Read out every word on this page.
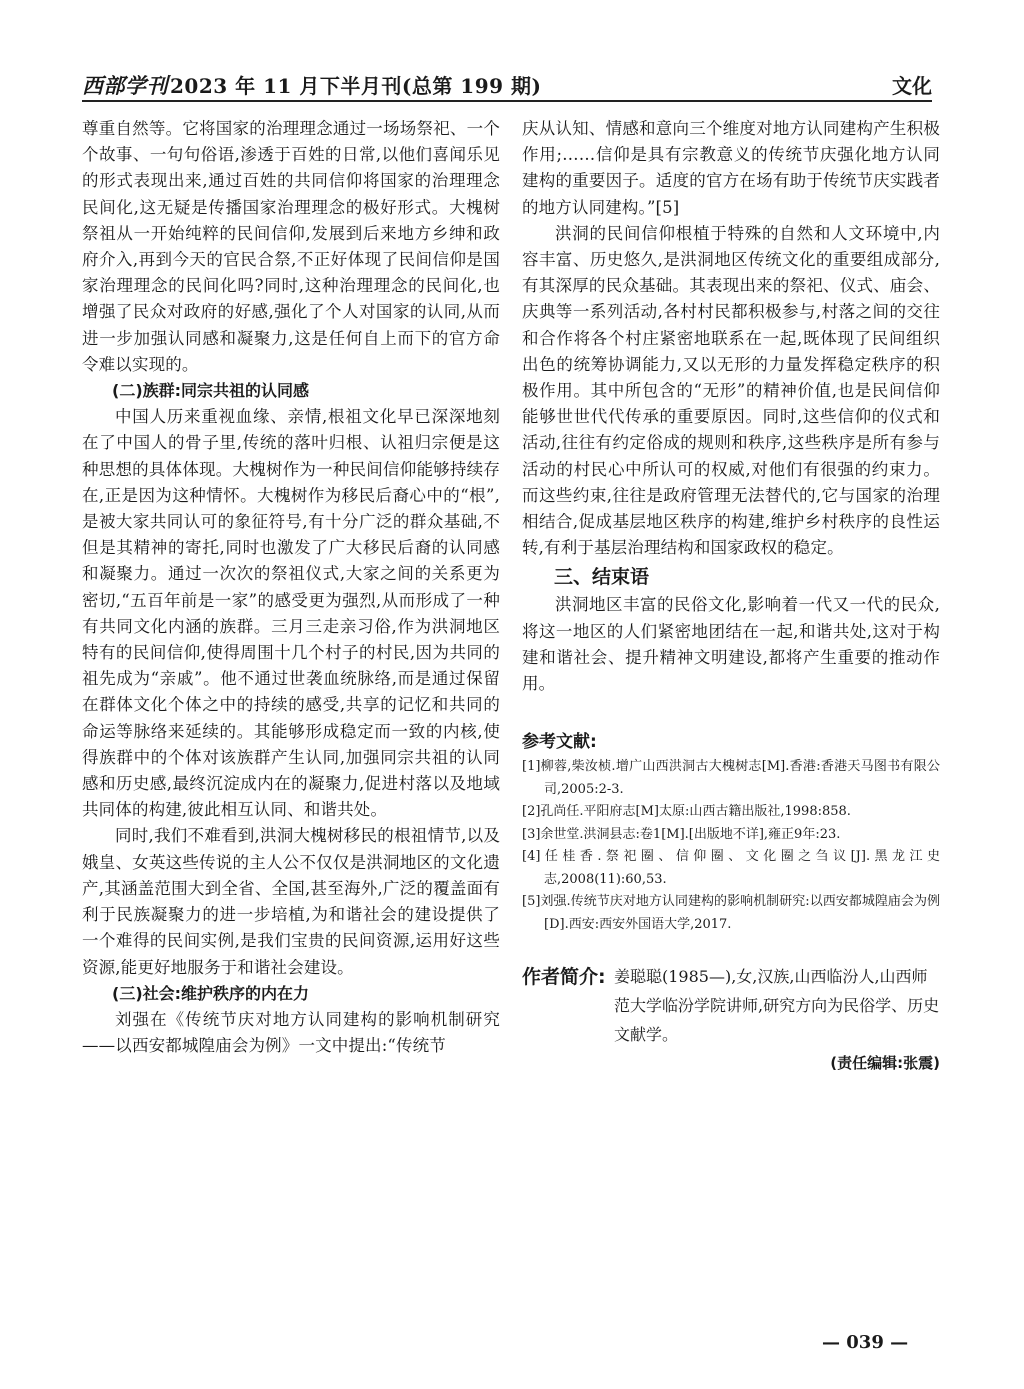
西部学刊 2023 年 11 月下半月刊(总第 199 期)	文化

尊重自然等。它将国家的治理理念通过一场场祭祀、一个个故事、一句句俗语,渗透于百姓的日常,以他们喜闻乐见的形式表现出来,通过百姓的共同信仰将国家的治理理念民间化,这无疑是传播国家治理理念的极好形式。大槐树祭祖从一开始纯粹的民间信仰,发展到后来地方乡绅和政府介入,再到今天的官民合祭,不正好体现了民间信仰是国家治理理念的民间化吗?同时,这种治理理念的民间化,也增强了民众对政府的好感,强化了个人对国家的认同,从而进一步加强认同感和凝聚力,这是任何自上而下的官方命令难以实现的。

(二)族群:同宗共祖的认同感

中国人历来重视血缘、亲情,根祖文化早已深深地刻在了中国人的骨子里,传统的落叶归根、认祖归宗便是这种思想的具体体现。大槐树作为一种民间信仰能够持续存在,正是因为这种情怀。大槐树作为移民后裔心中的“根”,是被大家共同认可的象征符号,有十分广泛的群众基础,不但是其精神的寄托,同时也激发了广大移民后裔的认同感和凝聚力。通过一次次的祭祖仪式,大家之间的关系更为密切,“五百年前是一家”的感受更为强烈,从而形成了一种有共同文化内涵的族群。三月三走亲习俗,作为洪洞地区特有的民间信仰,使得周围十几个村子的村民,因为共同的祖先成为“亲戚”。他不通过世袭血统脉络,而是通过保留在群体文化个体之中的持续的感受,共享的记忆和共同的命运等脉络来延续的。其能够形成稳定而一致的内核,使得族群中的个体对该族群产生认同,加强同宗共祖的认同感和历史感,最终沉淀成内在的凝聚力,促进村落以及地域共同体的构建,彼此相互认同、和谐共处。

同时,我们不难看到,洪洞大槐树移民的根祖情节,以及娥皇、女英这些传说的主人公不仅仅是洪洞地区的文化遗产,其涵盖范围大到全省、全国,甚至海外,广泛的覆盖面有利于民族凝聚力的进一步培植,为和谐社会的建设提供了一个难得的民间实例,是我们宝贵的民间资源,运用好这些资源,能更好地服务于和谐社会建设。

(三)社会:维护秩序的内在力

刘强在《传统节庆对地方认同建构的影响机制研究——以西安都城隍庙会为例》一文中提出:“传统节

庆从认知、情感和意向三个维度对地方认同建构产生积极作用;……信仰是具有宗教意义的传统节庆强化地方认同建构的重要因子。适度的官方在场有助于传统节庆实践者的地方认同建构。”[5]

洪洞的民间信仰根植于特殊的自然和人文环境中,内容丰富、历史悠久,是洪洞地区传统文化的重要组成部分,有其深厚的民众基础。其表现出来的祭祀、仪式、庙会、庆典等一系列活动,各村村民都积极参与,村落之间的交往和合作将各个村庄紧密地联系在一起,既体现了民间组织出色的统筹协调能力,又以无形的力量发挥稳定秩序的积极作用。其中所包含的“无形”的精神价值,也是民间信仰能够世世代代传承的重要原因。同时,这些信仰的仪式和活动,往往有约定俗成的规则和秩序,这些秩序是所有参与活动的村民心中所认可的权威,对他们有很强的约束力。而这些约束,往往是政府管理无法替代的,它与国家的治理相结合,促成基层地区秩序的构建,维护乡村秩序的良性运转,有利于基层治理结构和国家政权的稳定。

三、结束语

洪洞地区丰富的民俗文化,影响着一代又一代的民众,将这一地区的人们紧密地团结在一起,和谐共处,这对于构建和谐社会、提升精神文明建设,都将产生重要的推动作用。

参考文献:

[1]柳蓉,柴汝桢.增广山西洪洞古大槐树志[M].香港:香港天马图书有限公司,2005:2-3.

[2]孔尚任.平阳府志[M]太原:山西古籍出版社,1998:858.

[3]余世堂.洪洞县志:卷1[M].[出版地不详],雍正9年:23.

[4]任桂香.祭祀圈、信仰圈、文化圈之刍议[J].黑龙江史志,2008(11):60,53.

[5]刘强.传统节庆对地方认同建构的影响机制研究:以西安都城隍庙会为例[D].西安:西安外国语大学,2017.

作者简介: 姜聪聪(1985—),女,汉族,山西临汾人,山西师范大学临汾学院讲师,研究方向为民俗学、历史文献学。
(责任编辑:张震)
— 039 —
